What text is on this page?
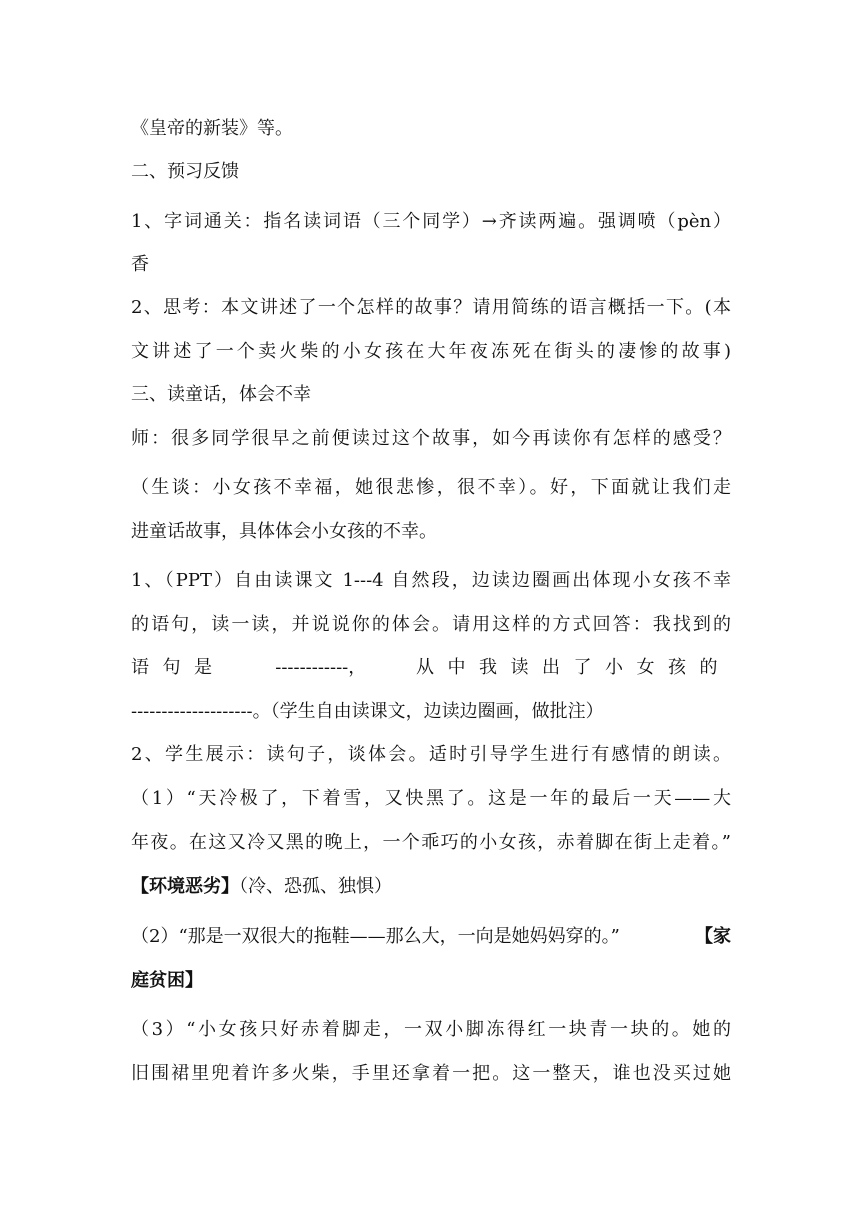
《皇帝的新装》等。
二、预习反馈
1、字词通关：指名读词语（三个同学）→齐读两遍。强调喷（pèn）
香
2、思考：本文讲述了一个怎样的故事？请用简练的语言概括一下。(本
文讲述了一个卖火柴的小女孩在大年夜冻死在街头的凄惨的故事)
三、读童话，体会不幸
师：很多同学很早之前便读过这个故事，如今再读你有怎样的感受？
（生谈：小女孩不幸福，她很悲惨，很不幸）。好，下面就让我们走
进童话故事，具体体会小女孩的不幸。
1、（PPT）自由读课文 1---4 自然段，边读边圈画出体现小女孩不幸
的语句，读一读，并说说你的体会。请用这样的方式回答：我找到的
语句是	------------，	从中我读出了小女孩的
--------------------。（学生自由读课文，边读边圈画，做批注）
2、学生展示：读句子，谈体会。适时引导学生进行有感情的朗读。
（1）“天冷极了，下着雪，又快黑了。这是一年的最后一天——大
年夜。在这又冷又黑的晚上，一个乖巧的小女孩，赤着脚在街上走着。”
【环境恶劣】（冷、恐孤、独惧）
（2）“那是一双很大的拖鞋——那么大，一向是她妈妈穿的。”	【家
庭贫困】
（3）“小女孩只好赤着脚走，一双小脚冻得红一块青一块的。她的
旧围裙里兜着许多火柴，手里还拿着一把。这一整天，谁也没买过她
